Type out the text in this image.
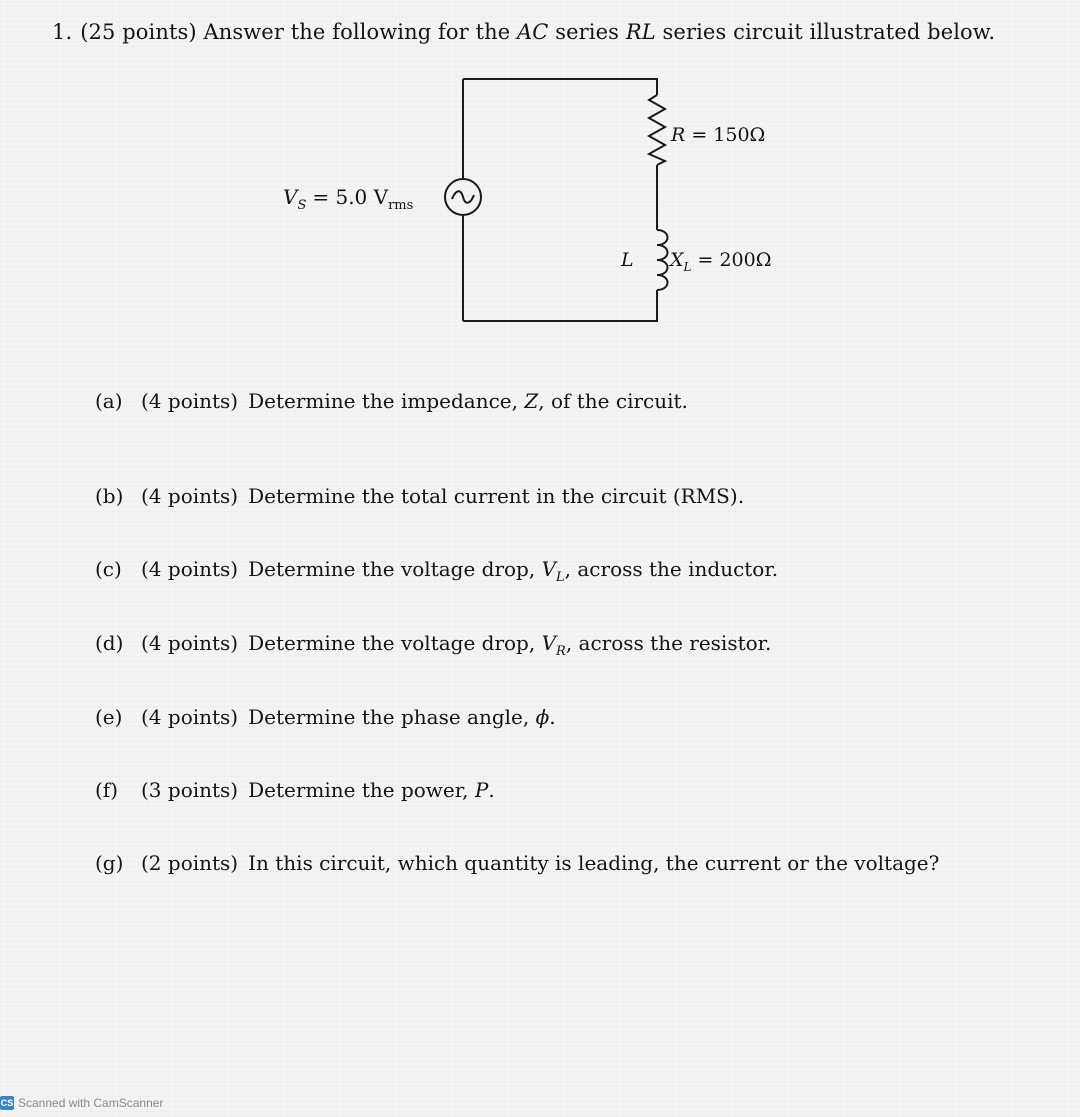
1. (25 points) Answer the following for the AC series RL series circuit illustrated below.
$V_S = 5.0$ $V_{rms}$
R = 150Ω
L $X_L = 200\Omega$
(a) (4 points) Determine the impedance, Z, of the circuit.
(b) (4 points) Determine the total current in the circuit (RMS).
(c) (4 points) Determine the voltage drop, $V_L$, across the inductor.
(d) (4 points) Determine the voltage drop, $V_R$, across the resistor.
(e) (4 points) Determine the phase angle, ϕ.
(f) (3 points) Determine the power, P.
(g) (2 points) In this circuit, which quantity is leading, the current or the voltage?
CS Scanned with CamScanner
